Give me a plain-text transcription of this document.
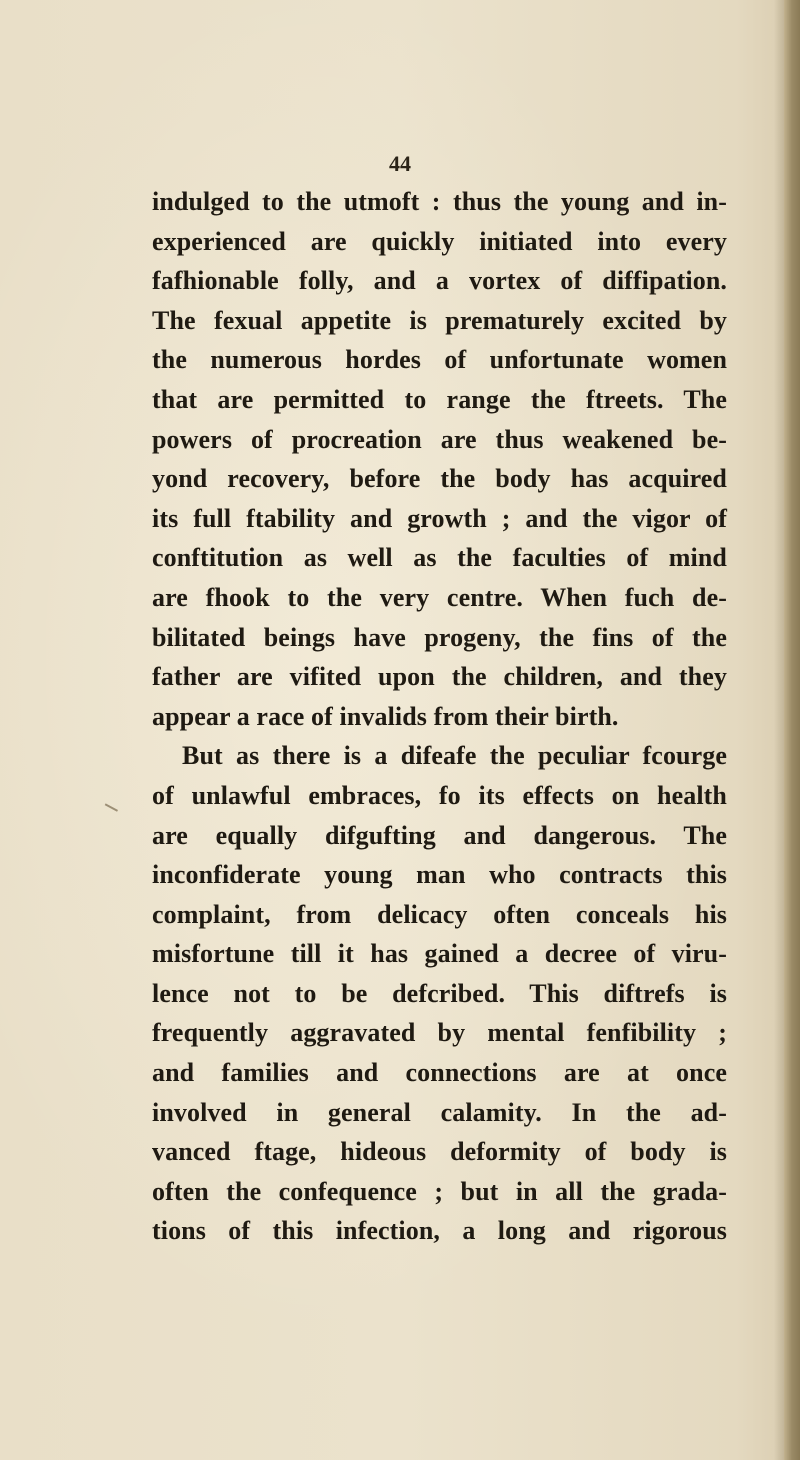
44
indulged to the utmoft : thus the young and in-
experienced are quickly initiated into every
fafhionable folly, and a vortex of diffipation.
The fexual appetite is prematurely excited by
the numerous hordes of unfortunate women
that are permitted to range the ftreets. The
powers of procreation are thus weakened be-
yond recovery, before the body has acquired
its full ftability and growth ; and the vigor of
conftitution as well as the faculties of mind
are fhook to the very centre. When fuch de-
bilitated beings have progeny, the fins of the
father are vifited upon the children, and they
appear a race of invalids from their birth.
But as there is a difeafe the peculiar fcourge
of unlawful embraces, fo its effects on health
are equally difgufting and dangerous. The
inconfiderate young man who contracts this
complaint, from delicacy often conceals his
misfortune till it has gained a decree of viru-
lence not to be defcribed. This diftrefs is
frequently aggravated by mental fenfibility ;
and families and connections are at once
involved in general calamity. In the ad-
vanced ftage, hideous deformity of body is
often the confequence ; but in all the grada-
tions of this infection, a long and rigorous
